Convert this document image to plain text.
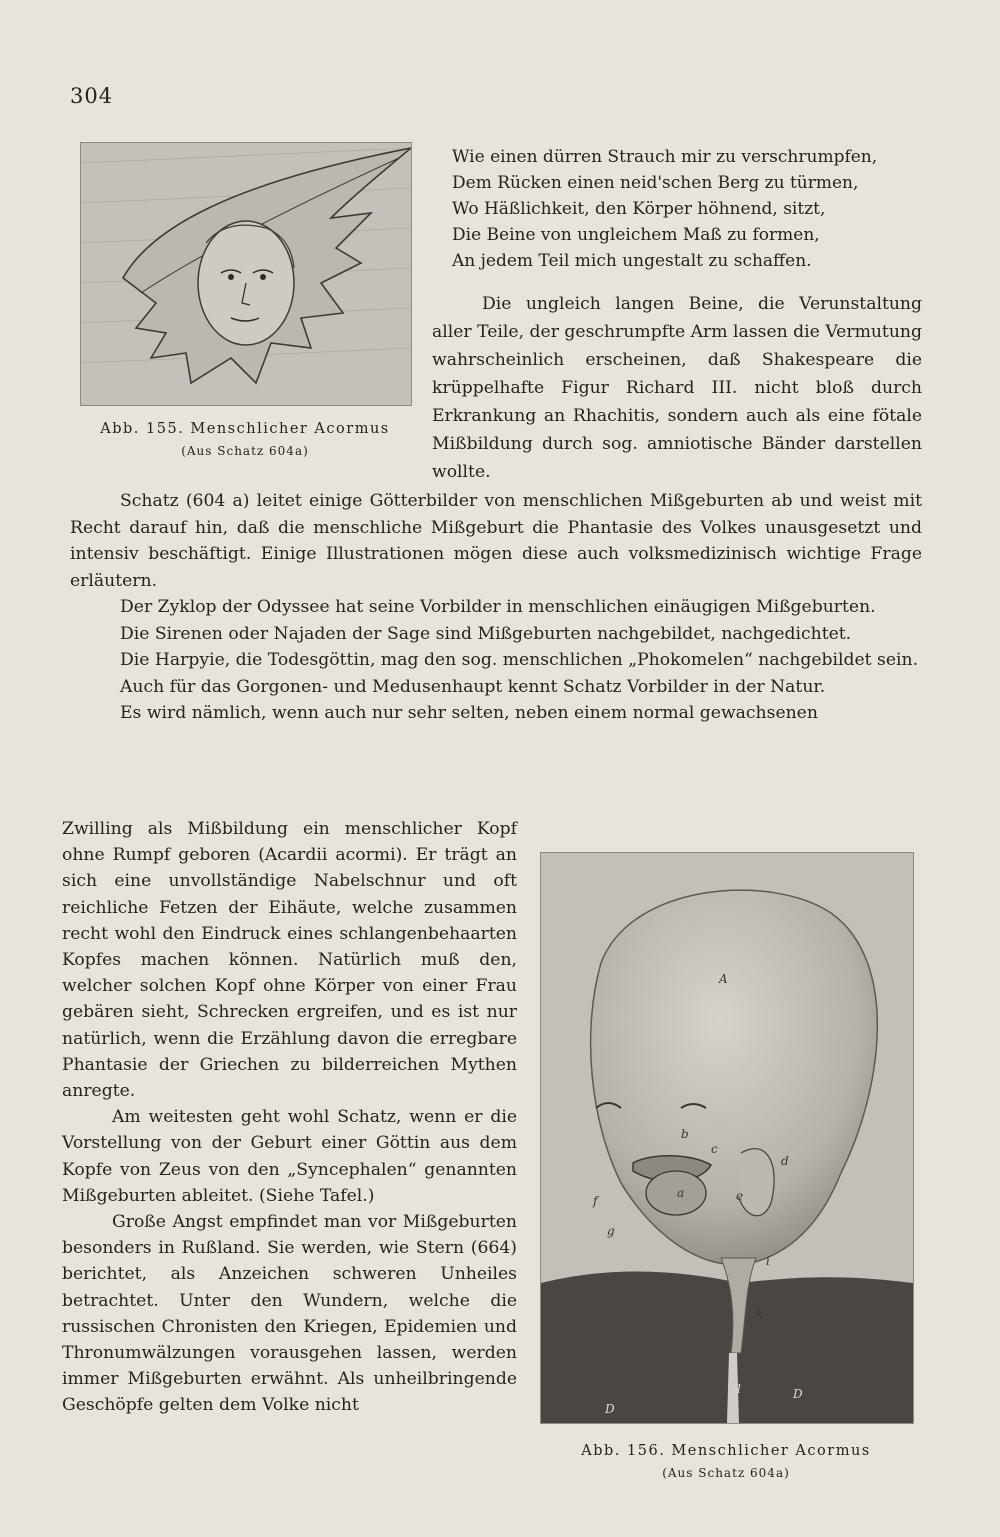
304
Abb. 155. Menschlicher Acormus
(Aus Schatz 604a)
Wie einen dürren Strauch mir zu verschrumpfen,
Dem Rücken einen neid'schen Berg zu türmen,
Wo Häßlichkeit, den Körper höhnend, sitzt,
Die Beine von ungleichem Maß zu formen,
An jedem Teil mich ungestalt zu schaffen.

Die ungleich langen Beine, die Verunstaltung aller Teile, der geschrumpfte Arm lassen die Vermutung wahrscheinlich erscheinen, daß Shakespeare die krüppelhafte Figur Richard III. nicht bloß durch Erkrankung an Rhachitis, sondern auch als eine fötale Mißbildung durch sog. amniotische Bänder darstellen wollte.

Schatz (604 a) leitet einige Götterbilder von menschlichen Mißgeburten ab und weist mit Recht darauf hin, daß die menschliche Mißgeburt die Phantasie des Volkes unausgesetzt und intensiv beschäftigt. Einige Illustrationen mögen diese auch volksmedizinisch wichtige Frage erläutern.

Der Zyklop der Odyssee hat seine Vorbilder in menschlichen einäugigen Mißgeburten.

Die Sirenen oder Najaden der Sage sind Mißgeburten nachgebildet, nachgedichtet.

Die Harpyie, die Todesgöttin, mag den sog. menschlichen „Phokomelen“ nachgebildet sein.

Auch für das Gorgonen- und Medusenhaupt kennt Schatz Vorbilder in der Natur.

Es wird nämlich, wenn auch nur sehr selten, neben einem normal gewachsenen

Zwilling als Mißbildung ein menschlicher Kopf ohne Rumpf geboren (Acardii acormi). Er trägt an sich eine unvollständige Nabelschnur und oft reichliche Fetzen der Eihäute, welche zusammen recht wohl den Eindruck eines schlangenbehaarten Kopfes machen können. Natürlich muß den, welcher solchen Kopf ohne Körper von einer Frau gebären sieht, Schrecken ergreifen, und es ist nur natürlich, wenn die Erzählung davon die erregbare Phantasie der Griechen zu bilderreichen Mythen anregte.

Am weitesten geht wohl Schatz, wenn er die Vorstellung von der Geburt einer Göttin aus dem Kopfe von Zeus von den „Syncephalen“ genannten Mißgeburten ableitet. (Siehe Tafel.)

Große Angst empfindet man vor Mißgeburten besonders in Rußland. Sie werden, wie Stern (664) berichtet, als Anzeichen schweren Unheiles betrachtet. Unter den Wundern, welche die russischen Chronisten den Kriegen, Epidemien und Thronumwälzungen vorausgehen lassen, werden immer Mißgeburten erwähnt. Als unheilbringende Geschöpfe gelten dem Volke nicht

A
b
c
d
a	e
f
g
i
k
D
l	D
Abb. 156. Menschlicher Acormus
(Aus Schatz 604a)
